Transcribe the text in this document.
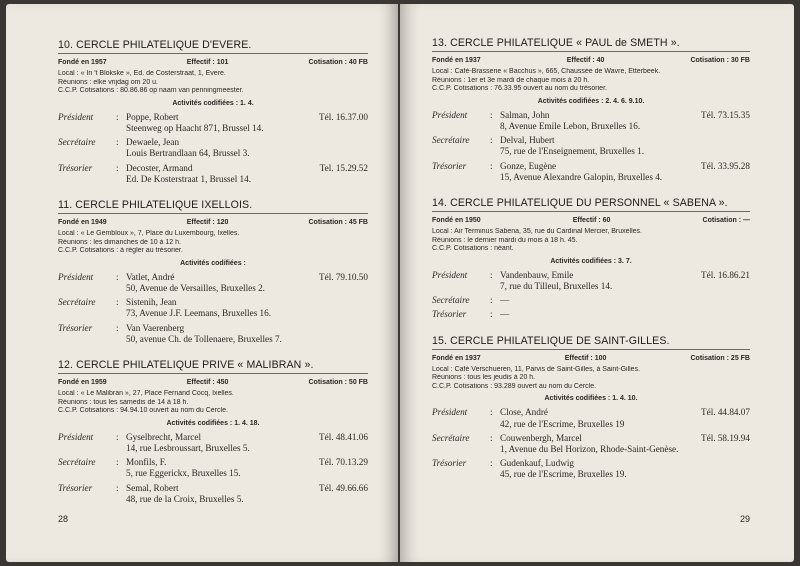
10. CERCLE PHILATELIQUE D'EVERE.
Fondé en 1957	Effectif : 101	Cotisation : 40 FB
Local : « In 't Blokske », Ed. de Costerstraat, 1, Evere.
Réunions : elke vrijdag om 20 u.
C.C.P. Cotisations : 80.86.86 op naam van penningmeester.
Activités codifiées : 1. 4.
Président	: Poppe, Robert	Tél. 16.37.00
Steenweg op Haacht 871, Brussel 14.
Secrétaire	: Dewaele, Jean
Louis Bertrandlaan 64, Brussel 3.
Trésorier	: Decoster, Armand	Tel. 15.29.52
Ed. De Kosterstraat 1, Brussel 14.
11. CERCLE PHILATELIQUE IXELLOIS.
Fondé en 1949	Effectif : 120	Cotisation : 45 FB
Local : « Le Gembloux », 7, Place du Luxembourg, Ixelles.
Réunions : les dimanches de 10 à 12 h.
C.C.P. Cotisations : à régler au trésorier.
Activités codifiées :
Président	: Vatlet, André	Tél. 79.10.50
50, Avenue de Versailles, Bruxelles 2.
Secrétaire	: Sistenih, Jean
73, Avenue J.F. Leemans, Bruxelles 16.
Trésorier	: Van Vaerenberg
50, avenue Ch. de Tollenaere, Bruxelles 7.
12. CERCLE PHILATELIQUE PRIVE « MALIBRAN ».
Fondé en 1959	Effectif : 450	Cotisation : 50 FB
Local : « Le Malibran », 27, Place Fernand Cocq, Ixelles.
Réunions : tous les samedis de 14 à 18 h.
C.C.P. Cotisations : 94.94.10 ouvert au nom du Cercle.
Activités codifiées : 1. 4. 18.
Président	: Gyselbrecht, Marcel	Tél. 48.41.06
14, rue Lesbroussart, Bruxelles 5.
Secrétaire	: Monfils, F.	Tél. 70.13.29
5, rue Eggerickx, Bruxelles 15.
Trésorier	: Semal, Robert	Tél. 49.66.66
48, rue de la Croix, Bruxelles 5.
28
13. CERCLE PHILATELIQUE « PAUL de SMETH ».
Fondé en 1937	Effectif : 40	Cotisation : 30 FB
Local : Café-Brasserie « Bacchus », 665, Chaussée de Wavre, Etterbeek.
Réunions : 1er et 3e mardi de chaque mois à 20 h.
C.C.P. Cotisations : 76.33.95 ouvert au nom du trésorier.
Activités codifiées : 2. 4. 6. 9.10.
Président	: Salman, John	Tél. 73.15.35
8, Avenue Emile Lebon, Bruxelles 16.
Secrétaire	: Delval, Hubert
75, rue de l'Enseignement, Bruxelles 1.
Trésorier	: Gonze, Eugène	Tél. 33.95.28
15, Avenue Alexandre Galopin, Bruxelles 4.
14. CERCLE PHILATELIQUE DU PERSONNEL « SABENA ».
Fondé en 1950	Effectif : 60	Cotisation : —
Local : Air Terminus Sabena, 35, rue du Cardinal Mercier, Bruxelles.
Réunions : le dernier mardi du mois à 18 h. 45.
C.C.P. Cotisations : néant.
Activités codifiées : 3. 7.
Président	: Vandenbauw, Emile	Tél. 16.86.21
7, rue du Tilleul, Bruxelles 14.
Secrétaire	: —
Trésorier	: —
15. CERCLE PHILATELIQUE DE SAINT-GILLES.
Fondé en 1937	Effectif : 100	Cotisation : 25 FB
Local : Café Verschueren, 11, Parvis de Saint-Gilles, à Saint-Gilles.
Réunions : tous les jeudis à 20 h.
C.C.P. Cotisations : 93.289 ouvert au nom du Cercle.
Activités codifiées : 1. 4. 10.
Président	: Close, André	Tél. 44.84.07
42, rue de l'Escrime, Bruxelles 19
Secrétaire	: Couwenbergh, Marcel	Tél. 58.19.94
1, Avenue du Bel Horizon, Rhode-Saint-Genèse.
Trésorier	: Gudenkauf, Ludwig
45, rue de l'Escrime, Bruxelles 19.
29
